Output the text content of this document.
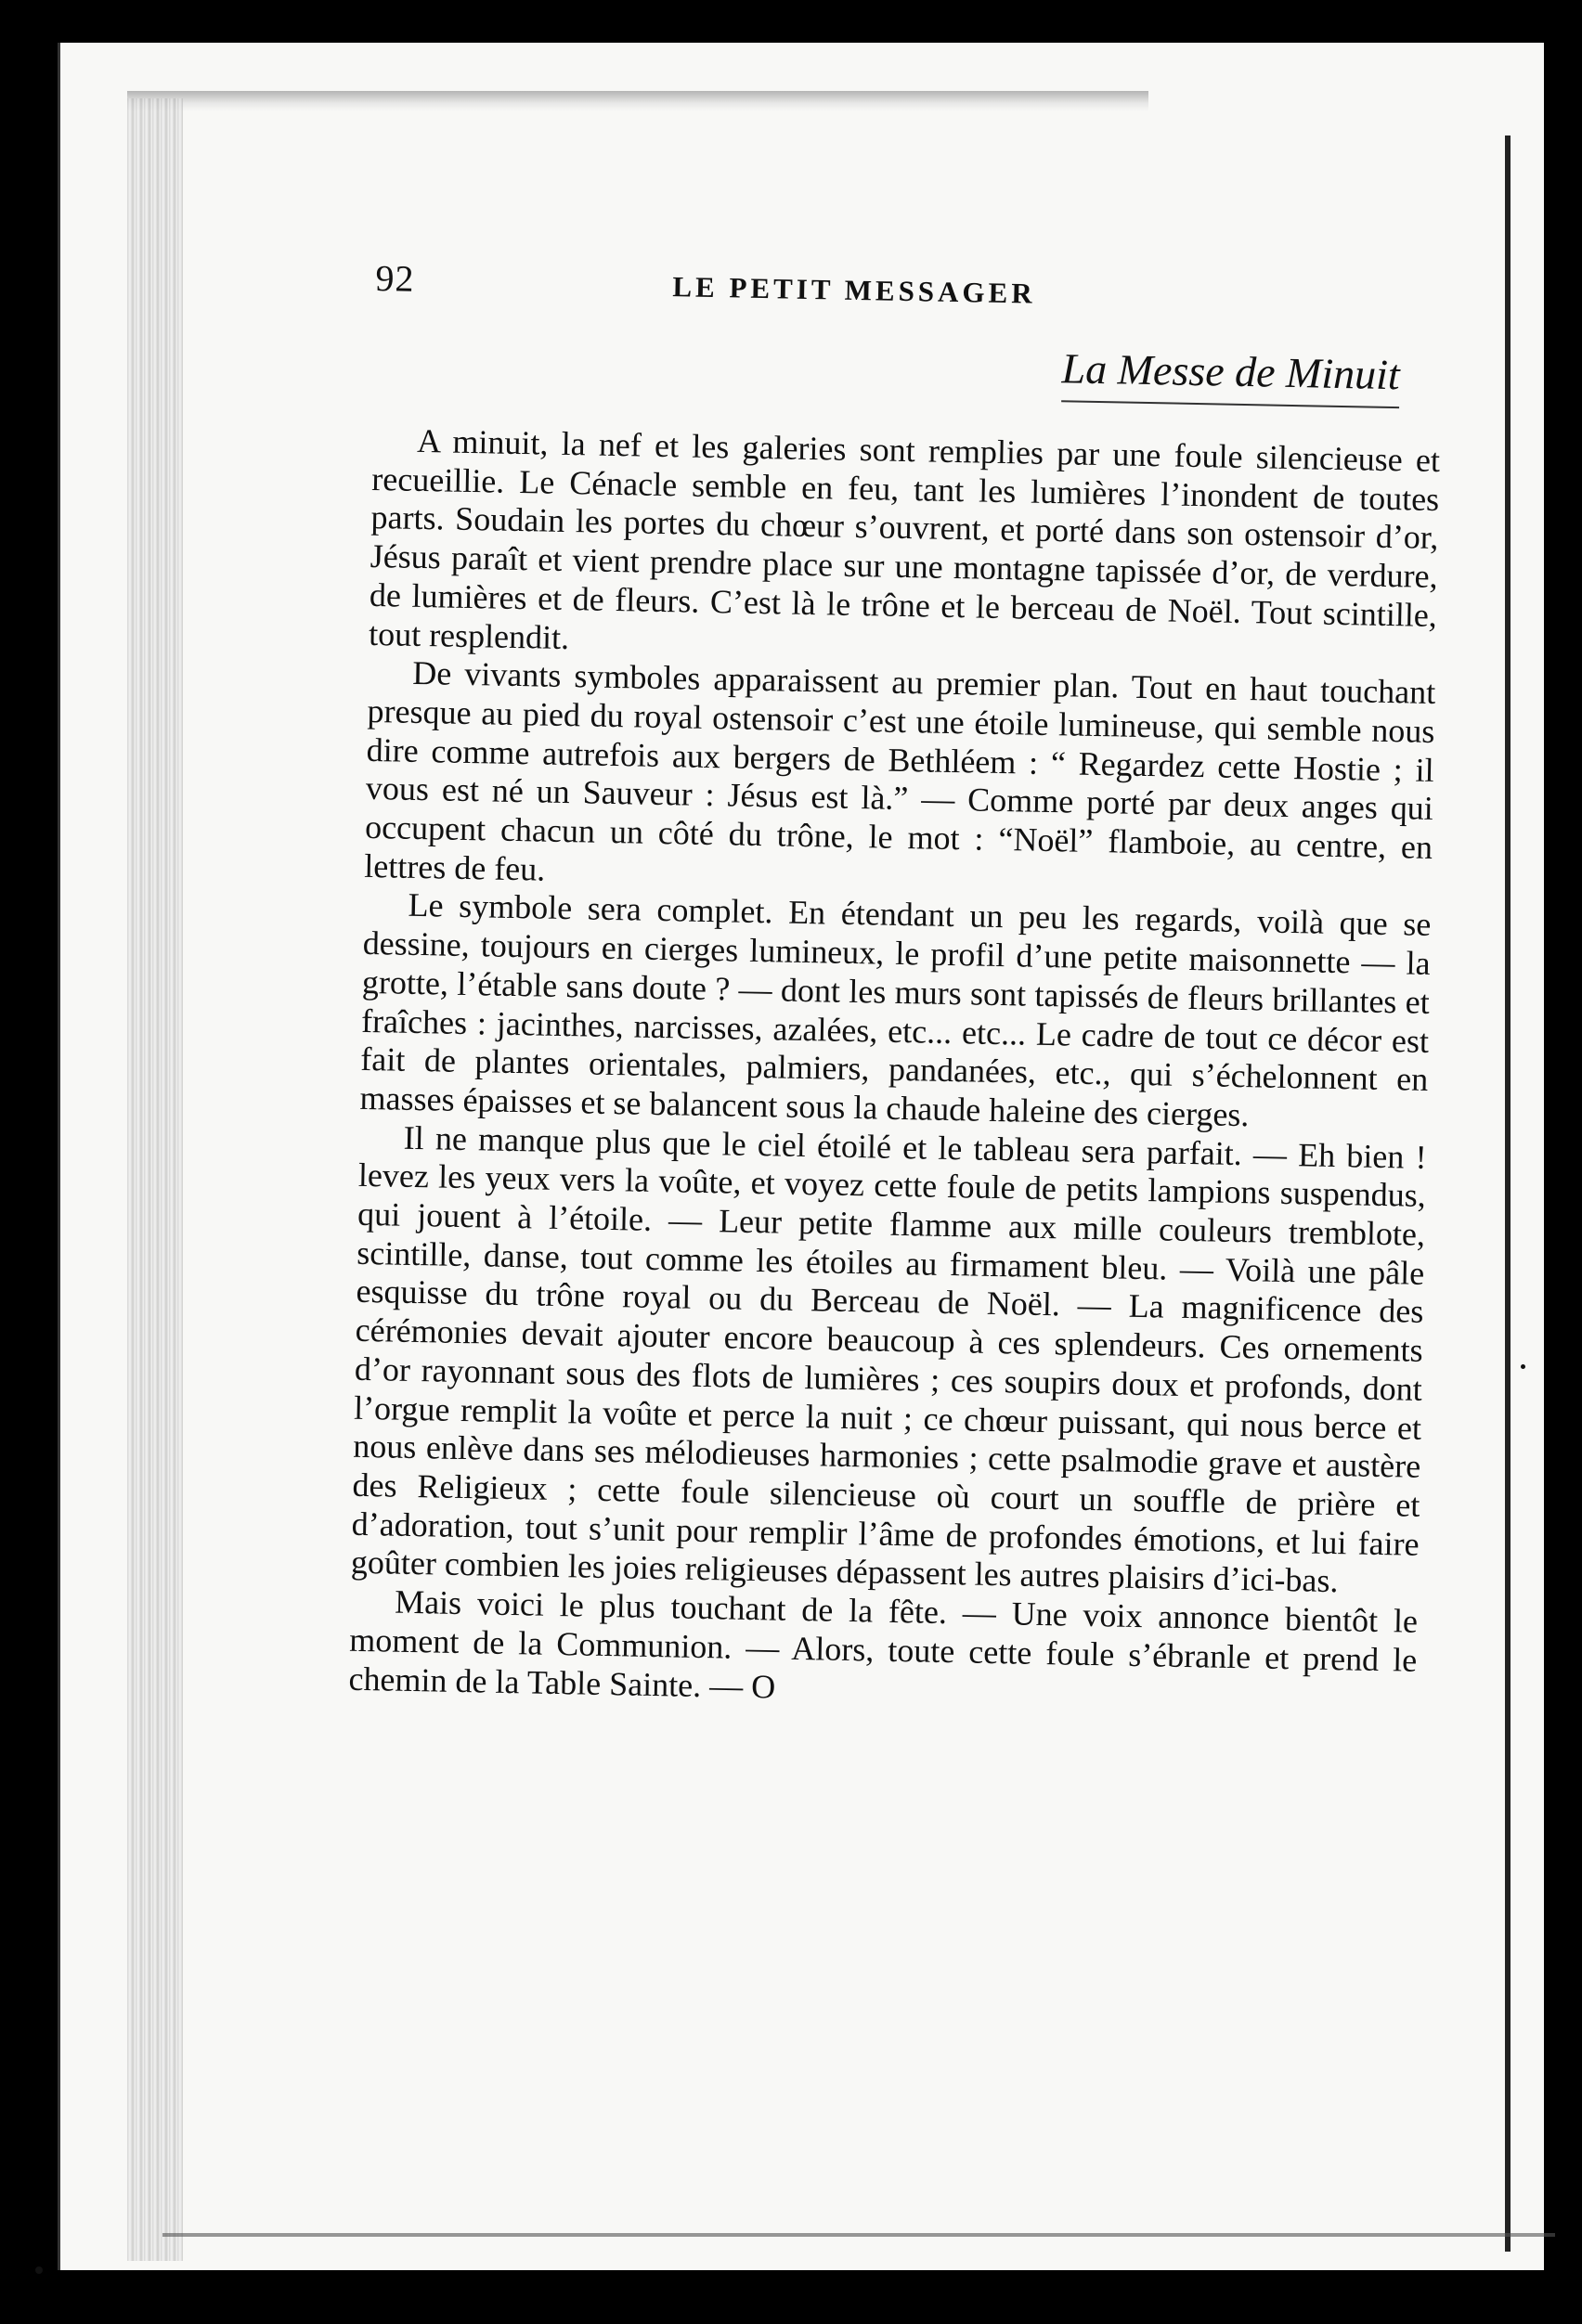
92	LE PETIT MESSAGER
La Messe de Minuit

A minuit, la nef et les galeries sont remplies par une foule silencieuse et recueillie. Le Cénacle semble en feu, tant les lumières l’inondent de toutes parts. Soudain les portes du chœur s’ouvrent, et porté dans son ostensoir d’or, Jésus paraît et vient prendre place sur une montagne tapissée d’or, de verdure, de lumières et de fleurs. C’est là le trône et le berceau de Noël. Tout scintille, tout resplendit.

De vivants symboles apparaissent au premier plan. Tout en haut touchant presque au pied du royal ostensoir c’est une étoile lumineuse, qui semble nous dire comme autrefois aux bergers de Bethléem : “ Regardez cette Hostie ; il vous est né un Sauveur : Jésus est là.” — Comme porté par deux anges qui occupent chacun un côté du trône, le mot : “Noël” flamboie, au centre, en lettres de feu.

Le symbole sera complet. En étendant un peu les regards, voilà que se dessine, toujours en cierges lumineux, le profil d’une petite maisonnette — la grotte, l’étable sans doute ? — dont les murs sont tapissés de fleurs brillantes et fraîches : jacinthes, narcisses, azalées, etc... etc... Le cadre de tout ce décor est fait de plantes orientales, palmiers, pandanées, etc., qui s’échelonnent en masses épaisses et se balancent sous la chaude haleine des cierges.

Il ne manque plus que le ciel étoilé et le tableau sera parfait. — Eh bien ! levez les yeux vers la voûte, et voyez cette foule de petits lampions suspendus, qui jouent à l’étoile. — Leur petite flamme aux mille couleurs tremblote, scintille, danse, tout comme les étoiles au firmament bleu. — Voilà une pâle esquisse du trône royal ou du Berceau de Noël. — La magnificence des cérémonies devait ajouter encore beaucoup à ces splendeurs. Ces ornements d’or rayonnant sous des flots de lumières ; ces soupirs doux et profonds, dont l’orgue remplit la voûte et perce la nuit ; ce chœur puissant, qui nous berce et nous enlève dans ses mélodieuses harmonies ; cette psalmodie grave et austère des Religieux ; cette foule silencieuse où court un souffle de prière et d’adoration, tout s’unit pour remplir l’âme de profondes émotions, et lui faire goûter combien les joies religieuses dépassent les autres plaisirs d’ici-bas.

Mais voici le plus touchant de la fête. — Une voix annonce bientôt le moment de la Communion. — Alors, toute cette foule s’ébranle et prend le chemin de la Table Sainte. — O
